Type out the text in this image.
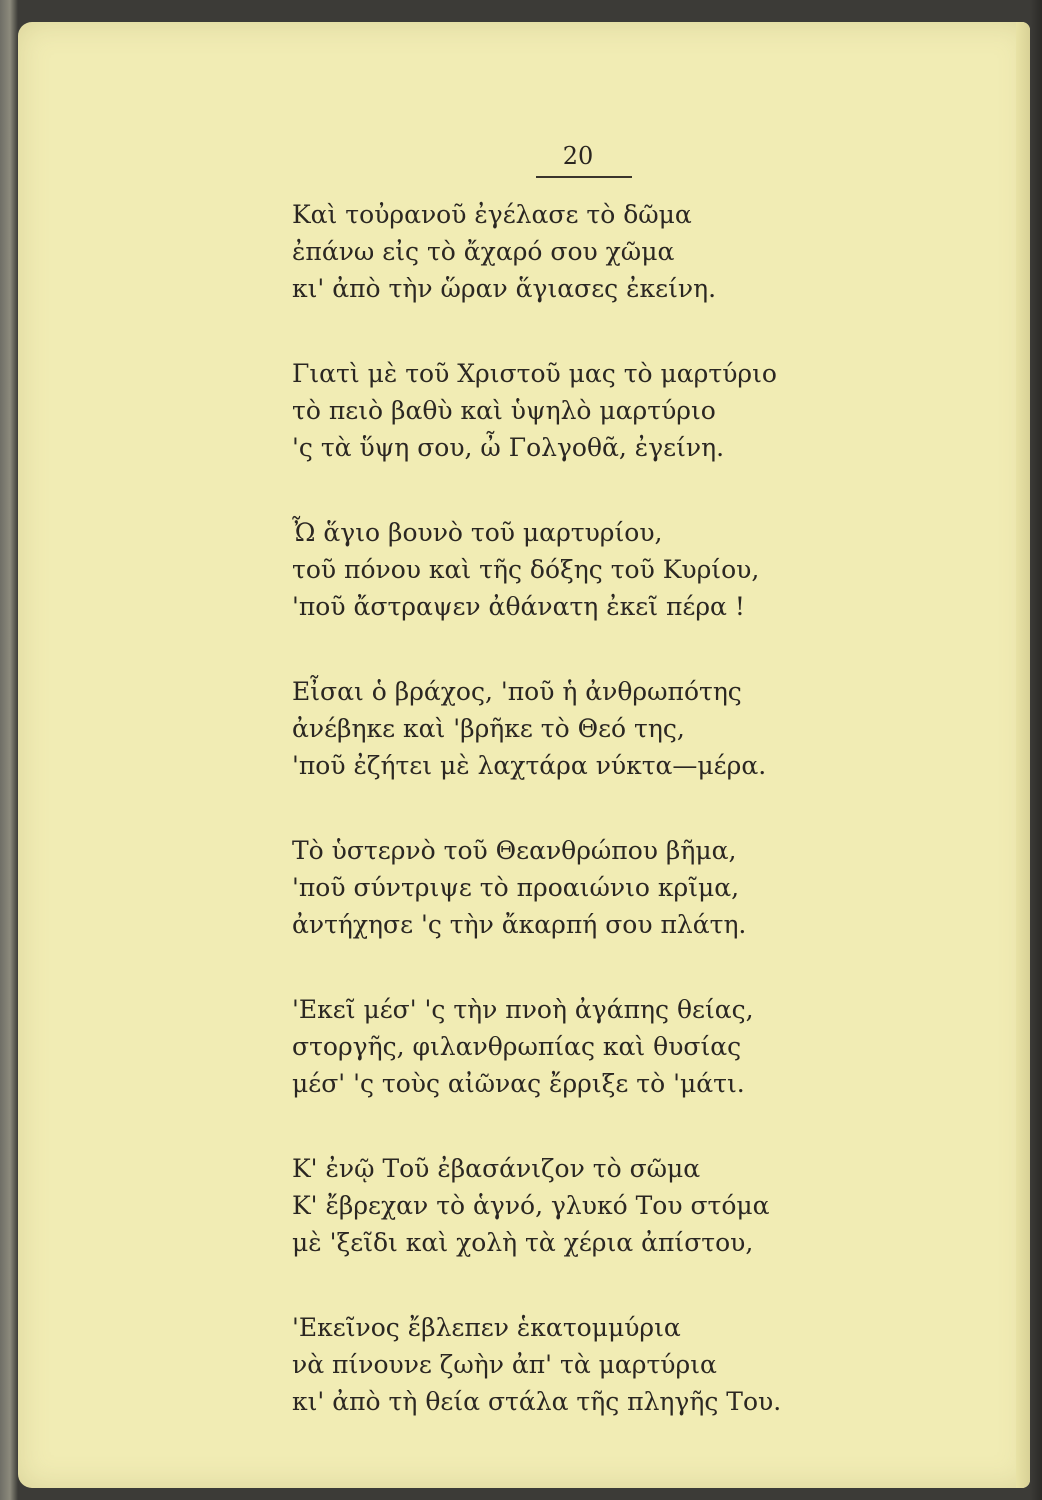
20
Καὶ τοὐρανοῦ ἐγέλασε τὸ δῶμα
ἐπάνω εἰς τὸ ἄχαρό σου χῶμα
κι' ἀπὸ τὴν ὥραν ἅγιασες ἐκείνη.
Γιατὶ μὲ τοῦ Χριστοῦ μας τὸ μαρτύριο
τὸ πειὸ βαθὺ καὶ ὑψηλὸ μαρτύριο
'ς τὰ ὕψη σου, ὦ Γολγοθᾶ, ἐγείνη.
Ὦ ἅγιο βουνὸ τοῦ μαρτυρίου,
τοῦ πόνου καὶ τῆς δόξης τοῦ Κυρίου,
'ποῦ ἄστραψεν ἀθάνατη ἐκεῖ πέρα !
Εἶσαι ὁ βράχος, 'ποῦ ἡ ἀνθρωπότης
ἀνέβηκε καὶ 'βρῆκε τὸ Θεό της,
'ποῦ ἐζήτει μὲ λαχτάρα νύκτα—μέρα.
Τὸ ὑστερνὸ τοῦ Θεανθρώπου βῆμα,
'ποῦ σύντριψε τὸ προαιώνιο κρῖμα,
ἀντήχησε 'ς τὴν ἄκαρπή σου πλάτη.
'Εκεῖ μέσ' 'ς τὴν πνοὴ ἀγάπης θείας,
στοργῆς, φιλανθρωπίας καὶ θυσίας
μέσ' 'ς τοὺς αἰῶνας ἔρριξε τὸ 'μάτι.
Κ' ἐνῷ Τοῦ ἐβασάνιζον τὸ σῶμα
Κ' ἔβρεχαν τὸ ἁγνό, γλυκό Του στόμα
μὲ 'ξεῖδι καὶ χολὴ τὰ χέρια ἀπίστου,
'Εκεῖνος ἔβλεπεν ἑκατομμύρια
νὰ πίνουνε ζωὴν ἀπ' τὰ μαρτύρια
κι' ἀπὸ τὴ θεία στάλα τῆς πληγῆς Του.
